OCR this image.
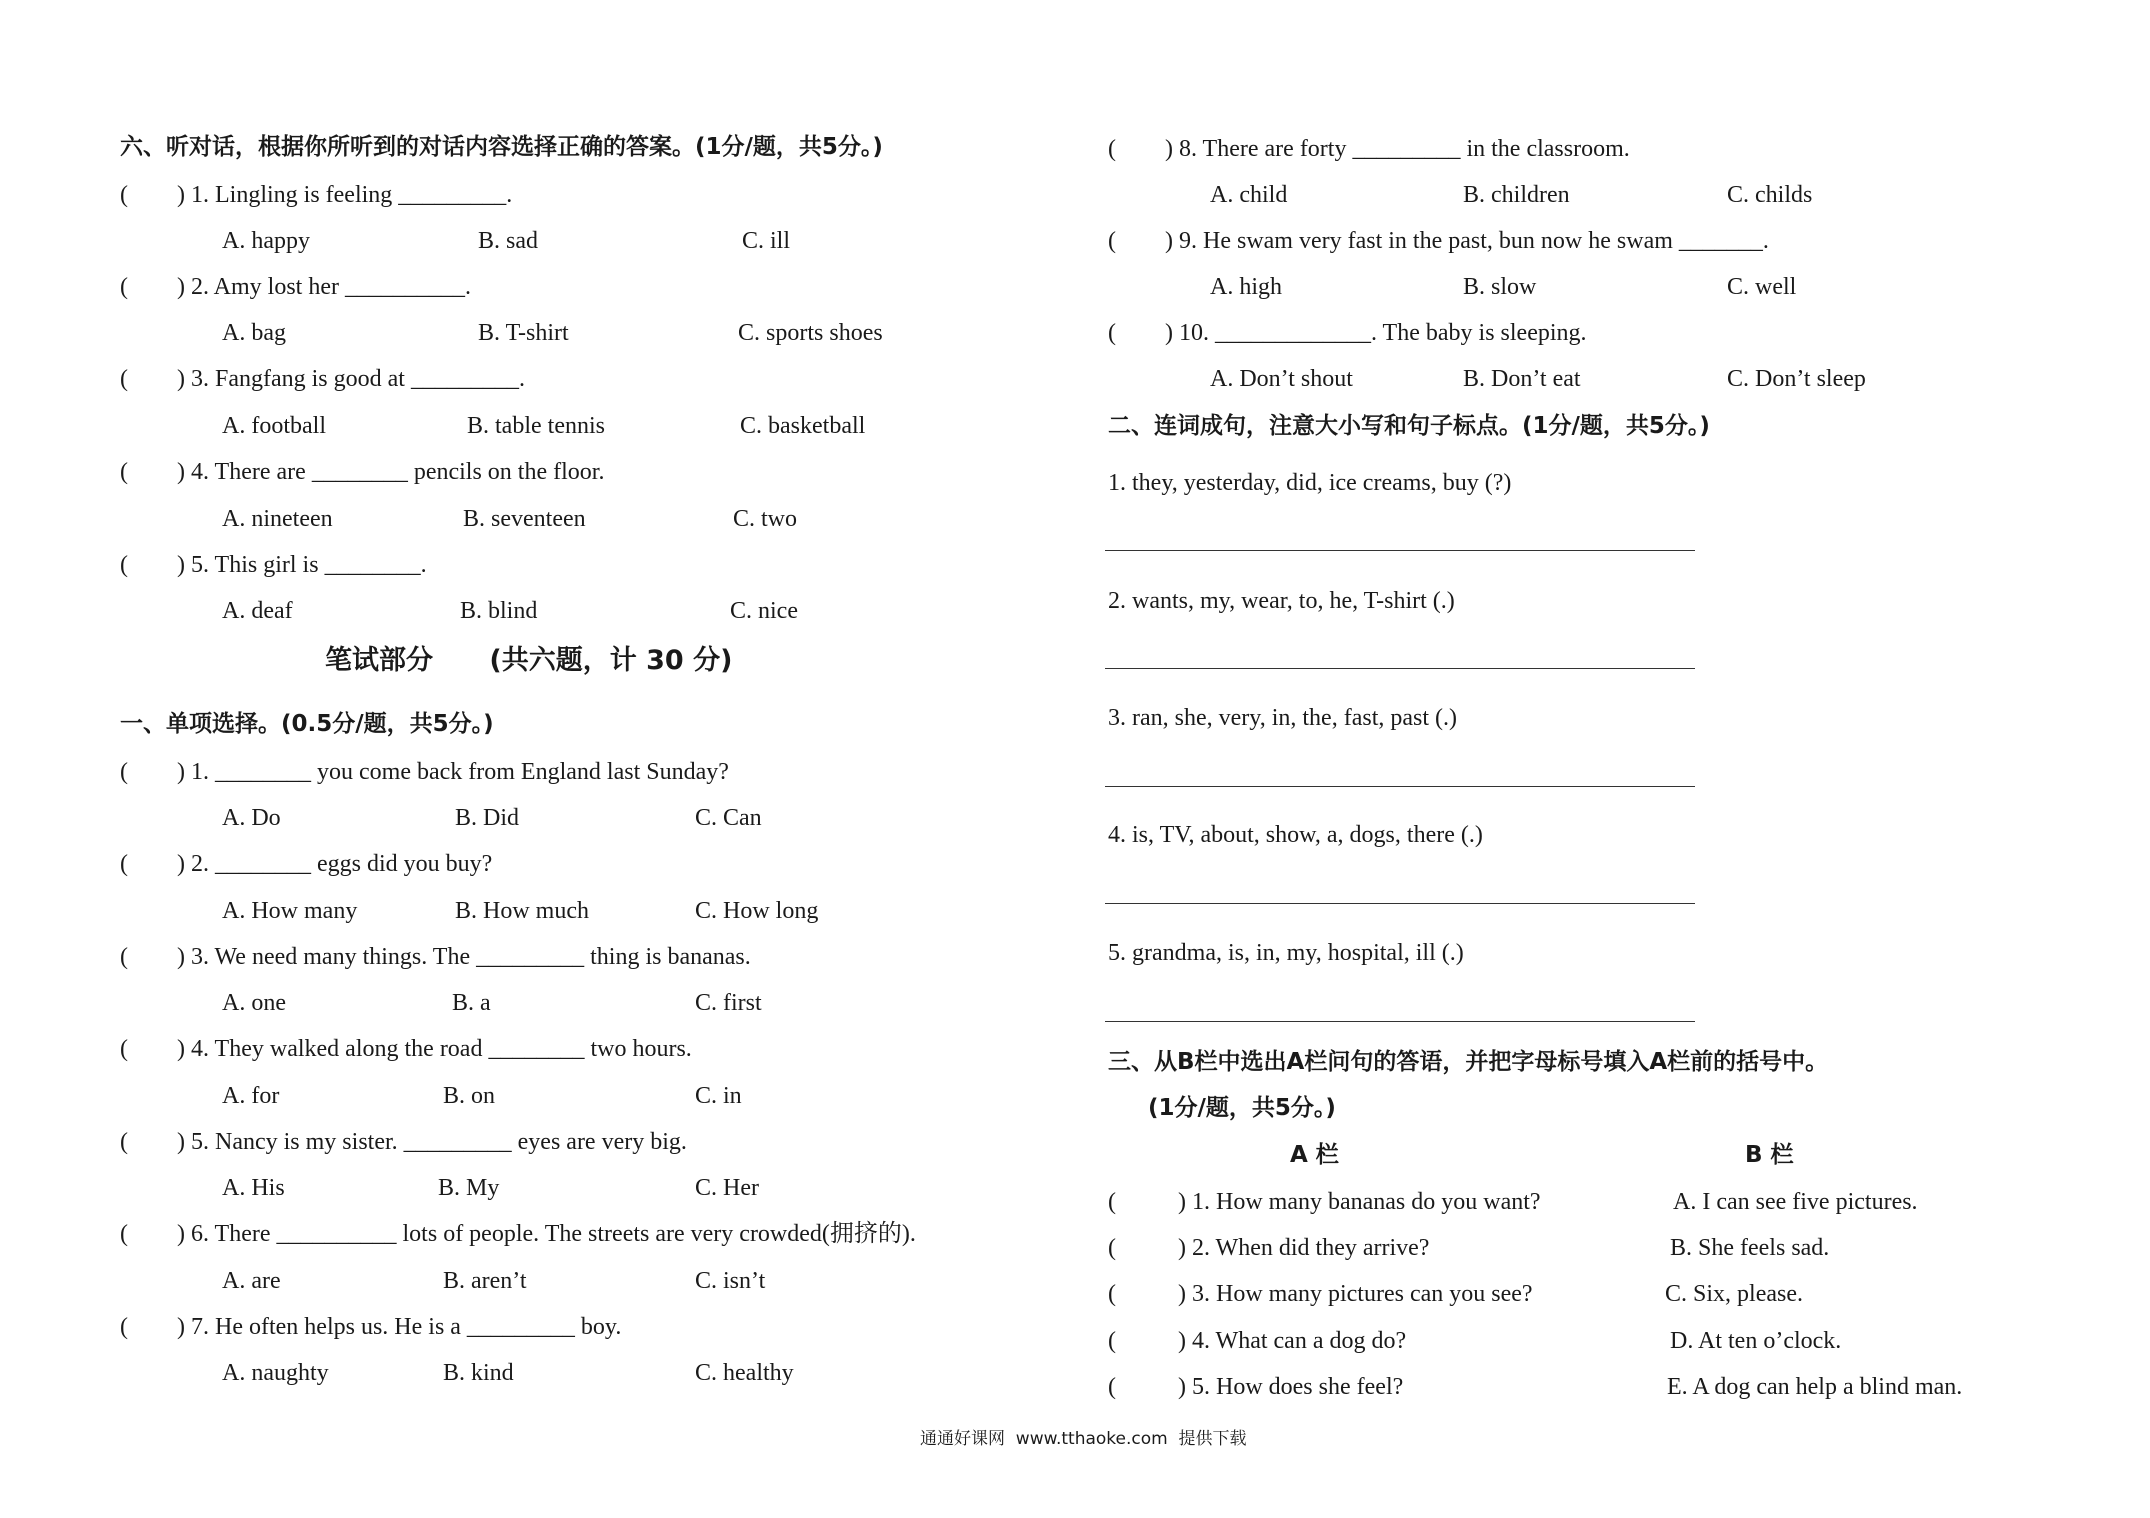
六、听对话，根据你所听到的对话内容选择正确的答案。(1分/题，共5分。)
( ) 1. Lingling is feeling _________.
A. happy	B. sad	C. ill
( ) 2. Amy lost her __________.
A. bag	B. T-shirt	C. sports shoes
( ) 3. Fangfang is good at _________.
A. football	B. table tennis	C. basketball
( ) 4. There are ________ pencils on the floor.
A. nineteen	B. seventeen	C. two
( ) 5. This girl is ________.
A. deaf	B. blind	C. nice
笔试部分      (共六题，计 30 分)
一、单项选择。(0.5分/题，共5分。)
( ) 1. ________ you come back from England last Sunday?
A. Do	B. Did	C. Can
( ) 2. ________ eggs did you buy?
A. How many	B. How much	C. How long
( ) 3. We need many things. The _________ thing is bananas.
A. one	B. a	C. first
( ) 4. They walked along the road ________ two hours.
A. for	B. on	C. in
( ) 5. Nancy is my sister. _________ eyes are very big.
A. His	B. My	C. Her
( ) 6. There __________ lots of people. The streets are very crowded(拥挤的).
A. are	B. aren’t	C. isn’t
( ) 7. He often helps us. He is a _________ boy.
A. naughty	B. kind	C. healthy
( ) 8. There are forty _________ in the classroom.
A. child	B. children	C. childs
( ) 9. He swam very fast in the past, bun now he swam _______.
A. high	B. slow	C. well
( ) 10. _____________. The baby is sleeping.
A. Don’t shout	B. Don’t eat	C. Don’t sleep
二、连词成句，注意大小写和句子标点。(1分/题，共5分。)
1. they, yesterday, did, ice creams, buy (?)
2. wants, my, wear, to, he, T-shirt (.)
3. ran, she, very, in, the, fast, past (.)
4. is, TV, about, show, a, dogs, there (.)
5. grandma, is, in, my, hospital, ill (.)
三、从B栏中选出A栏问句的答语，并把字母标号填入A栏前的括号中。
(1分/题，共5分。)
A 栏	B 栏
(	) 1. How many bananas do you want?	A. I can see five pictures.
(	) 2. When did they arrive?	B. She feels sad.
(	) 3. How many pictures can you see?	C. Six, please.
(	) 4. What can a dog do?	D. At ten o’clock.
(	) 5. How does she feel?	E. A dog can help a blind man.
通通好课网  www.tthaoke.com  提供下载
